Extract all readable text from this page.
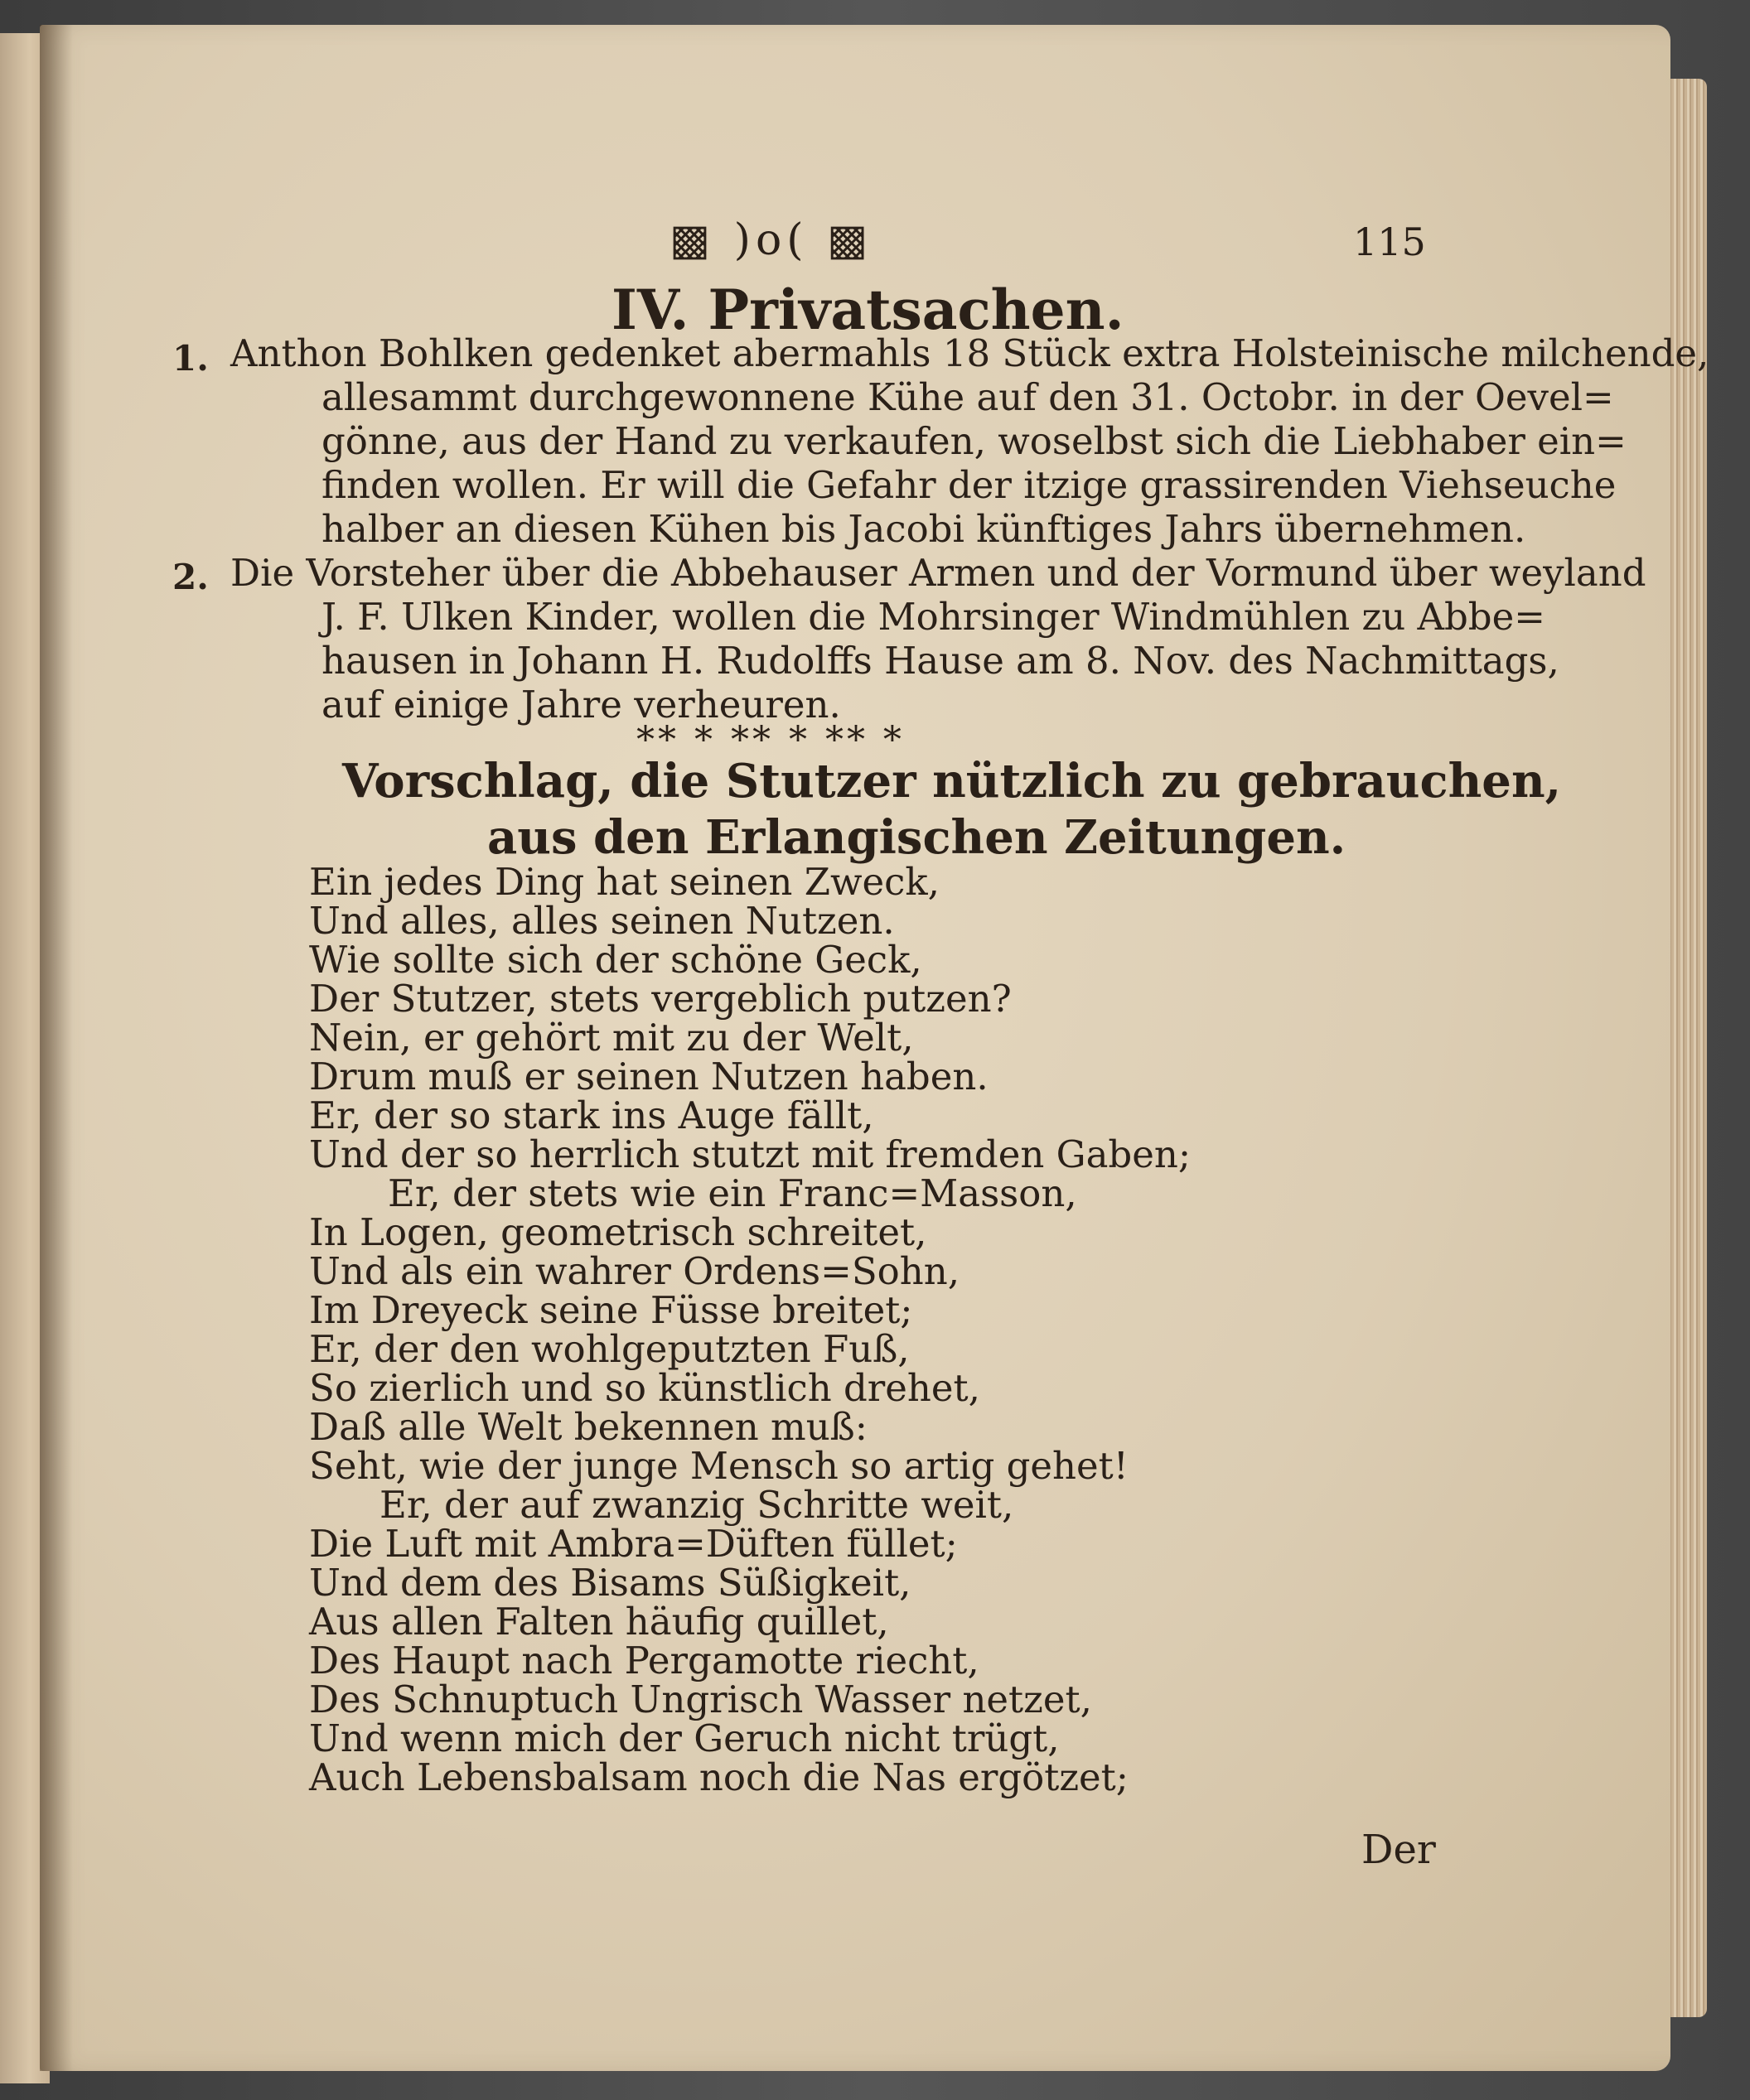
▩ )o( ▩	115
IV. Privatsachen.
1. Anthon Bohlken gedenket abermahls 18 Stück extra Holsteinische milchende,
allesammt durchgewonnene Kühe auf den 31. Octobr. in der Oevel=
gönne, aus der Hand zu verkaufen, woselbst sich die Liebhaber ein=
finden wollen. Er will die Gefahr der itzige grassirenden Viehseuche
halber an diesen Kühen bis Jacobi künftiges Jahrs übernehmen.
2. Die Vorsteher über die Abbehauser Armen und der Vormund über weyland
J. F. Ulken Kinder, wollen die Mohrsinger Windmühlen zu Abbe=
hausen in Johann H. Rudolffs Hause am 8. Nov. des Nachmittags,
auf einige Jahre verheuren.
** * ** * ** *
Vorschlag, die Stutzer nützlich zu gebrauchen,
aus den Erlangischen Zeitungen.
Ein jedes Ding hat seinen Zweck,
Und alles, alles seinen Nutzen.
Wie sollte sich der schöne Geck,
Der Stutzer, stets vergeblich putzen?
Nein, er gehört mit zu der Welt,
Drum muß er seinen Nutzen haben.
Er, der so stark ins Auge fällt,
Und der so herrlich stutzt mit fremden Gaben;
Er, der stets wie ein Franc=Masson,
In Logen, geometrisch schreitet,
Und als ein wahrer Ordens=Sohn,
Im Dreyeck seine Füsse breitet;
Er, der den wohlgeputzten Fuß,
So zierlich und so künstlich drehet,
Daß alle Welt bekennen muß:
Seht, wie der junge Mensch so artig gehet!
Er, der auf zwanzig Schritte weit,
Die Luft mit Ambra=Düften füllet;
Und dem des Bisams Süßigkeit,
Aus allen Falten häufig quillet,
Des Haupt nach Pergamotte riecht,
Des Schnuptuch Ungrisch Wasser netzet,
Und wenn mich der Geruch nicht trügt,
Auch Lebensbalsam noch die Nas ergötzet;
Der
